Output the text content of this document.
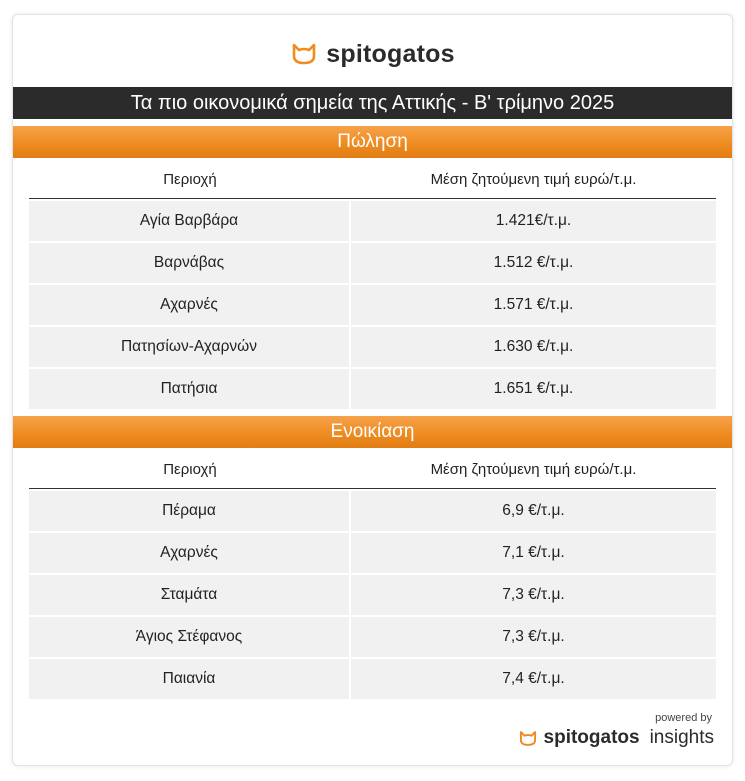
spitogatos
Τα πιο οικονομικά σημεία της Αττικής - Β' τρίμηνο 2025
Πώληση
Περιοχή	Μέση ζητούμενη τιμή ευρώ/τ.μ.
Αγία Βαρβάρα	1.421€/τ.μ.
Βαρνάβας	1.512 €/τ.μ.
Αχαρνές	1.571 €/τ.μ.
Πατησίων-Αχαρνών	1.630 €/τ.μ.
Πατήσια	1.651 €/τ.μ.
Ενοικίαση
Περιοχή	Μέση ζητούμενη τιμή ευρώ/τ.μ.
Πέραμα	6,9 €/τ.μ.
Αχαρνές	7,1 €/τ.μ.
Σταμάτα	7,3 €/τ.μ.
Άγιος Στέφανος	7,3 €/τ.μ.
Παιανία	7,4 €/τ.μ.
powered by
spitogatos insights
